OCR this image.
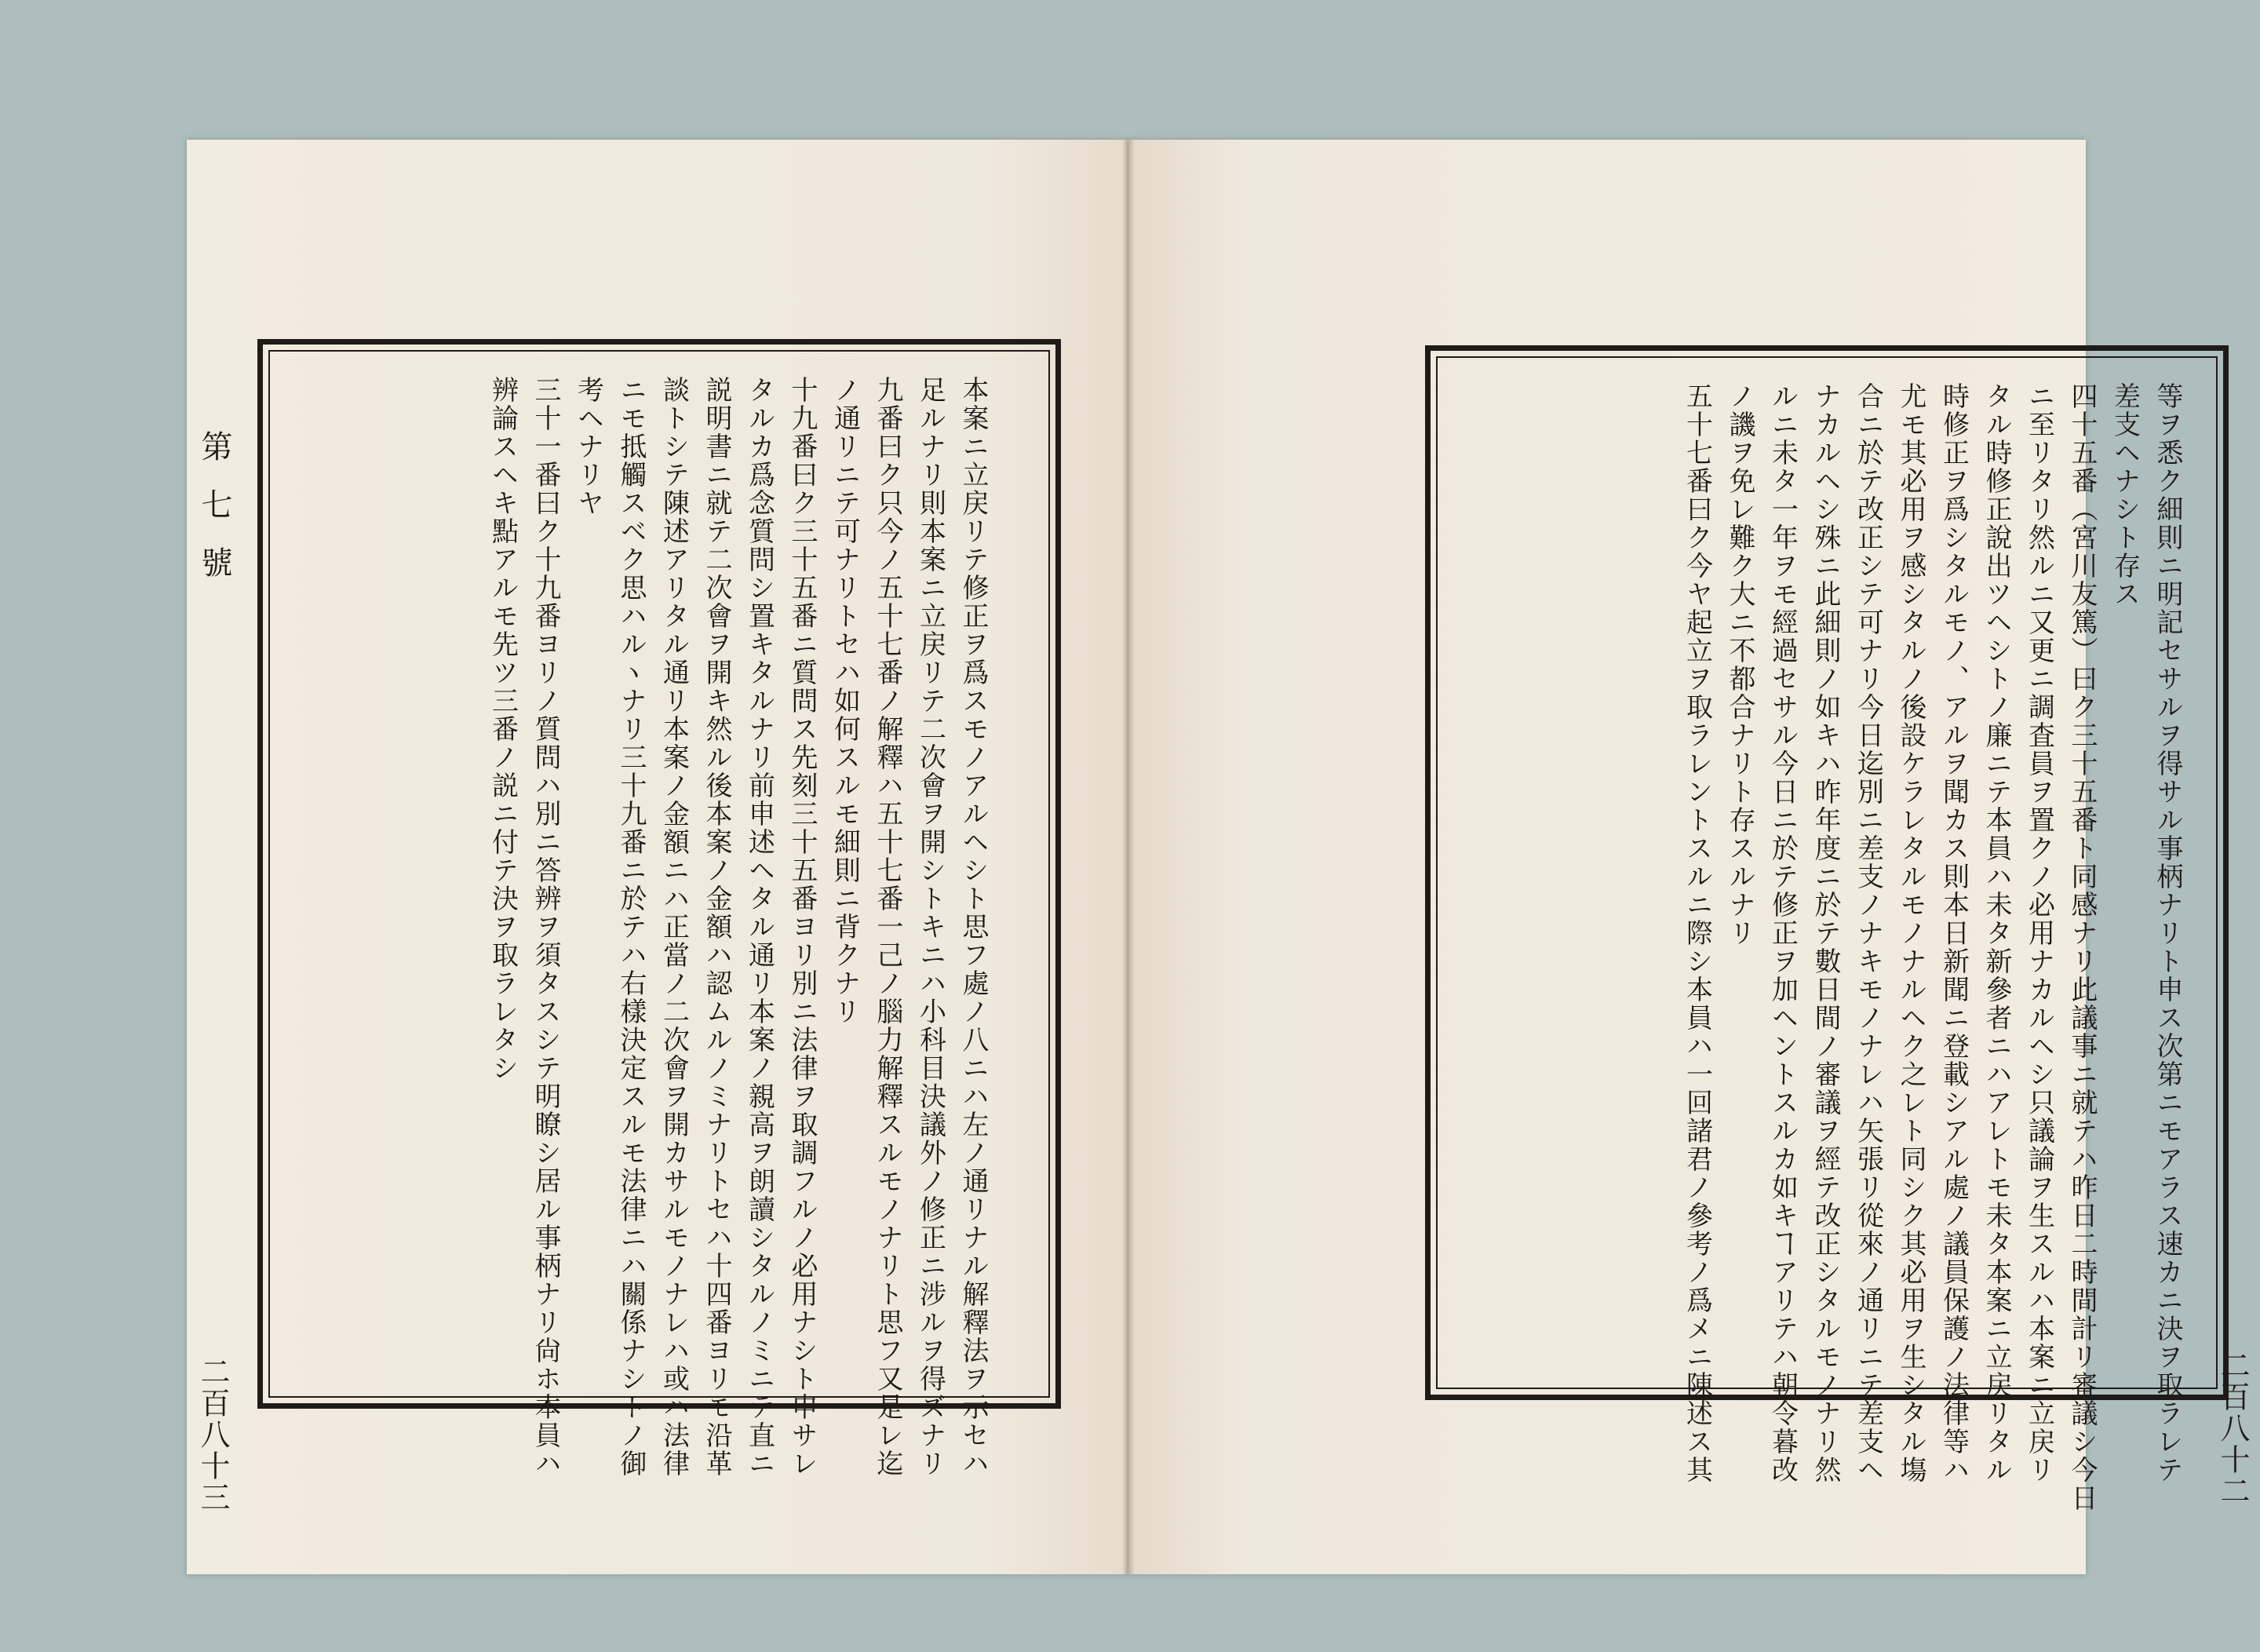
第七號
二百八十三	本案ニ立戻リテ修正ヲ爲スモノアルヘシト思フ處ノ八ニハ左ノ通リナル解釋法ヲ示セハ
足ルナリ則本案ニ立戻リテ二次會ヲ開シトキニハ小科目決議外ノ修正ニ涉ルヲ得ズナリ
九番曰ク只今ノ五十七番ノ解釋ハ五十七番一己ノ腦力解釋スルモノナリト思フ又是レ迄
ノ通リニテ可ナリトセハ如何スルモ細則ニ背クナリ
十九番曰ク三十五番ニ質問ス先刻三十五番ヨリ別ニ法律ヲ取調フルノ必用ナシト申サレ
タルカ爲念質問シ置キタルナリ前申述ヘタル通リ本案ノ親高ヲ朗讀シタルノミニテ直ニ
説明書ニ就テ二次會ヲ開キ然ル後本案ノ金額ハ認ムルノミナリトセハ十四番ヨリモ沿革
談トシテ陳述アリタル通リ本案ノ金額ニハ正當ノ二次會ヲ開カサルモノナレハ或ハ法律
ニモ抵觸スベク思ハルヽナリ三十九番ニ於テハ右樣決定スルモ法律ニハ關係ナシトノ御
考ヘナリヤ
三十一番曰ク十九番ヨリノ質問ハ別ニ答辨ヲ須タスシテ明瞭シ居ル事柄ナリ尙ホ本員ハ
辨論スヘキ點アルモ先ツ三番ノ説ニ付テ決ヲ取ラレタシ	等ヲ悉ク細則ニ明記セサルヲ得サル事柄ナリト申ス次第ニモアラス速カニ決ヲ取ラレテ
差支ヘナシト存ス
四十五番（宮川友篤）曰ク三十五番ト同感ナリ此議事ニ就テハ昨日二時間計リ審議シ今日
ニ至リタリ然ルニ又更ニ調査員ヲ置クノ必用ナカルヘシ只議論ヲ生スルハ本案ニ立戻リ
タル時修正說出ツヘシトノ廉ニテ本員ハ未タ新參者ニハアレトモ未タ本案ニ立戻リタル
時修正ヲ爲シタルモノ、アルヲ聞カス則本日新聞ニ登載シアル處ノ議員保護ノ法律等ハ
尤モ其必用ヲ感シタルノ後設ケラレタルモノナルヘク之レト同シク其必用ヲ生シタル塲
合ニ於テ改正シテ可ナリ今日迄別ニ差支ノナキモノナレハ矢張リ從來ノ通リニテ差支ヘ
ナカルヘシ殊ニ此細則ノ如キハ昨年度ニ於テ數日間ノ審議ヲ經テ改正シタルモノナリ然
ルニ未タ一年ヲモ經過セサル今日ニ於テ修正ヲ加ヘントスルカ如キヿアリテハ朝令暮改
ノ譏ヲ免レ難ク大ニ不都合ナリト存スルナリ
五十七番曰ク今ヤ起立ヲ取ラレントスルニ際シ本員ハ一回諸君ノ參考ノ爲メニ陳述ス其	二百八十二
